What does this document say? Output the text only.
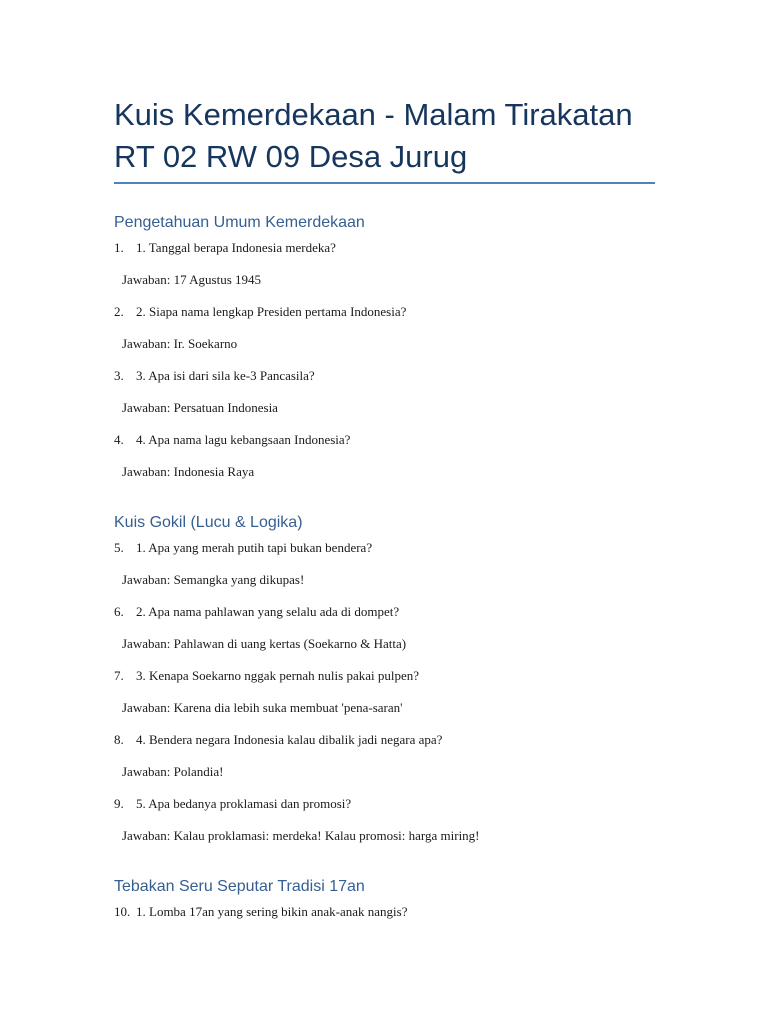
Kuis Kemerdekaan - Malam Tirakatan
RT 02 RW 09 Desa Jurug
Pengetahuan Umum Kemerdekaan
1. 1. Tanggal berapa Indonesia merdeka?
Jawaban: 17 Agustus 1945
2. 2. Siapa nama lengkap Presiden pertama Indonesia?
Jawaban: Ir. Soekarno
3. 3. Apa isi dari sila ke-3 Pancasila?
Jawaban: Persatuan Indonesia
4. 4. Apa nama lagu kebangsaan Indonesia?
Jawaban: Indonesia Raya
Kuis Gokil (Lucu & Logika)
5. 1. Apa yang merah putih tapi bukan bendera?
Jawaban: Semangka yang dikupas!
6. 2. Apa nama pahlawan yang selalu ada di dompet?
Jawaban: Pahlawan di uang kertas (Soekarno & Hatta)
7. 3. Kenapa Soekarno nggak pernah nulis pakai pulpen?
Jawaban: Karena dia lebih suka membuat 'pena-saran'
8. 4. Bendera negara Indonesia kalau dibalik jadi negara apa?
Jawaban: Polandia!
9. 5. Apa bedanya proklamasi dan promosi?
Jawaban: Kalau proklamasi: merdeka! Kalau promosi: harga miring!
Tebakan Seru Seputar Tradisi 17an
10. 1. Lomba 17an yang sering bikin anak-anak nangis?
